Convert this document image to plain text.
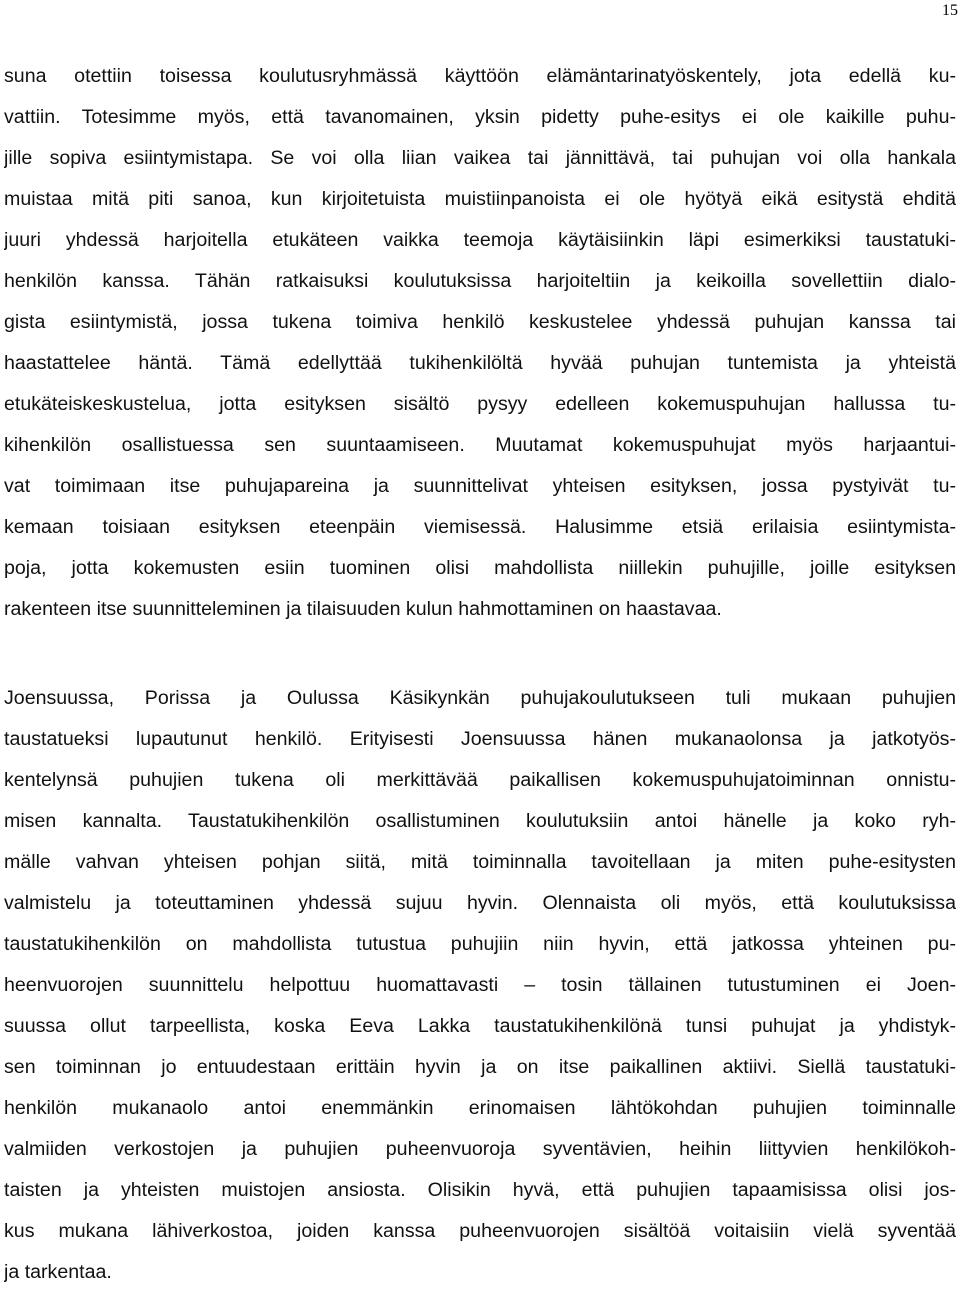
15
suna otettiin toisessa koulutusryhmässä käyttöön elämäntarinatyöskentely, jota edellä ku-
vattiin. Totesimme myös, että tavanomainen, yksin pidetty puhe-esitys ei ole kaikille puhu-
jille sopiva esiintymistapa. Se voi olla liian vaikea tai jännittävä, tai puhujan voi olla hankala
muistaa mitä piti sanoa, kun kirjoitetuista muistiinpanoista ei ole hyötyä eikä esitystä ehditä
juuri yhdessä harjoitella etukäteen vaikka teemoja käytäisiinkin läpi esimerkiksi taustatuki-
henkilön kanssa. Tähän ratkaisuksi koulutuksissa harjoiteltiin ja keikoilla sovellettiin dialo-
gista esiintymistä, jossa tukena toimiva henkilö keskustelee yhdessä puhujan kanssa tai
haastattelee häntä. Tämä edellyttää tukihenkilöltä hyvää puhujan tuntemista ja yhteistä
etukäteiskeskustelua, jotta esityksen sisältö pysyy edelleen kokemuspuhujan hallussa tu-
kihenkilön osallistuessa sen suuntaamiseen. Muutamat kokemuspuhujat myös harjaantui-
vat toimimaan itse puhujapareina ja suunnittelivat yhteisen esityksen, jossa pystyivät tu-
kemaan toisiaan esityksen eteenpäin viemisessä. Halusimme etsiä erilaisia esiintymista-
poja, jotta kokemusten esiin tuominen olisi mahdollista niillekin puhujille, joille esityksen
rakenteen itse suunnitteleminen ja tilaisuuden kulun hahmottaminen on haastavaa.
Joensuussa, Porissa ja Oulussa Käsikynkän puhujakoulutukseen tuli mukaan puhujien
taustatueksi lupautunut henkilö. Erityisesti Joensuussa hänen mukanaolonsa ja jatkotyös-
kentelynsä puhujien tukena oli merkittävää paikallisen kokemuspuhujatoiminnan onnistu-
misen kannalta. Taustatukihenkilön osallistuminen koulutuksiin antoi hänelle ja koko ryh-
mälle vahvan yhteisen pohjan siitä, mitä toiminnalla tavoitellaan ja miten puhe-esitysten
valmistelu ja toteuttaminen yhdessä sujuu hyvin. Olennaista oli myös, että koulutuksissa
taustatukihenkilön on mahdollista tutustua puhujiin niin hyvin, että jatkossa yhteinen pu-
heenvuorojen suunnittelu helpottuu huomattavasti – tosin tällainen tutustuminen ei Joen-
suussa ollut tarpeellista, koska Eeva Lakka taustatukihenkilönä tunsi puhujat ja yhdistyk-
sen toiminnan jo entuudestaan erittäin hyvin ja on itse paikallinen aktiivi. Siellä taustatuki-
henkilön mukanaolo antoi enemmänkin erinomaisen lähtökohdan puhujien toiminnalle
valmiiden verkostojen ja puhujien puheenvuoroja syventävien, heihin liittyvien henkilökoh-
taisten ja yhteisten muistojen ansiosta. Olisikin hyvä, että puhujien tapaamisissa olisi jos-
kus mukana lähiverkostoa, joiden kanssa puheenvuorojen sisältöä voitaisiin vielä syventää
ja tarkentaa.
